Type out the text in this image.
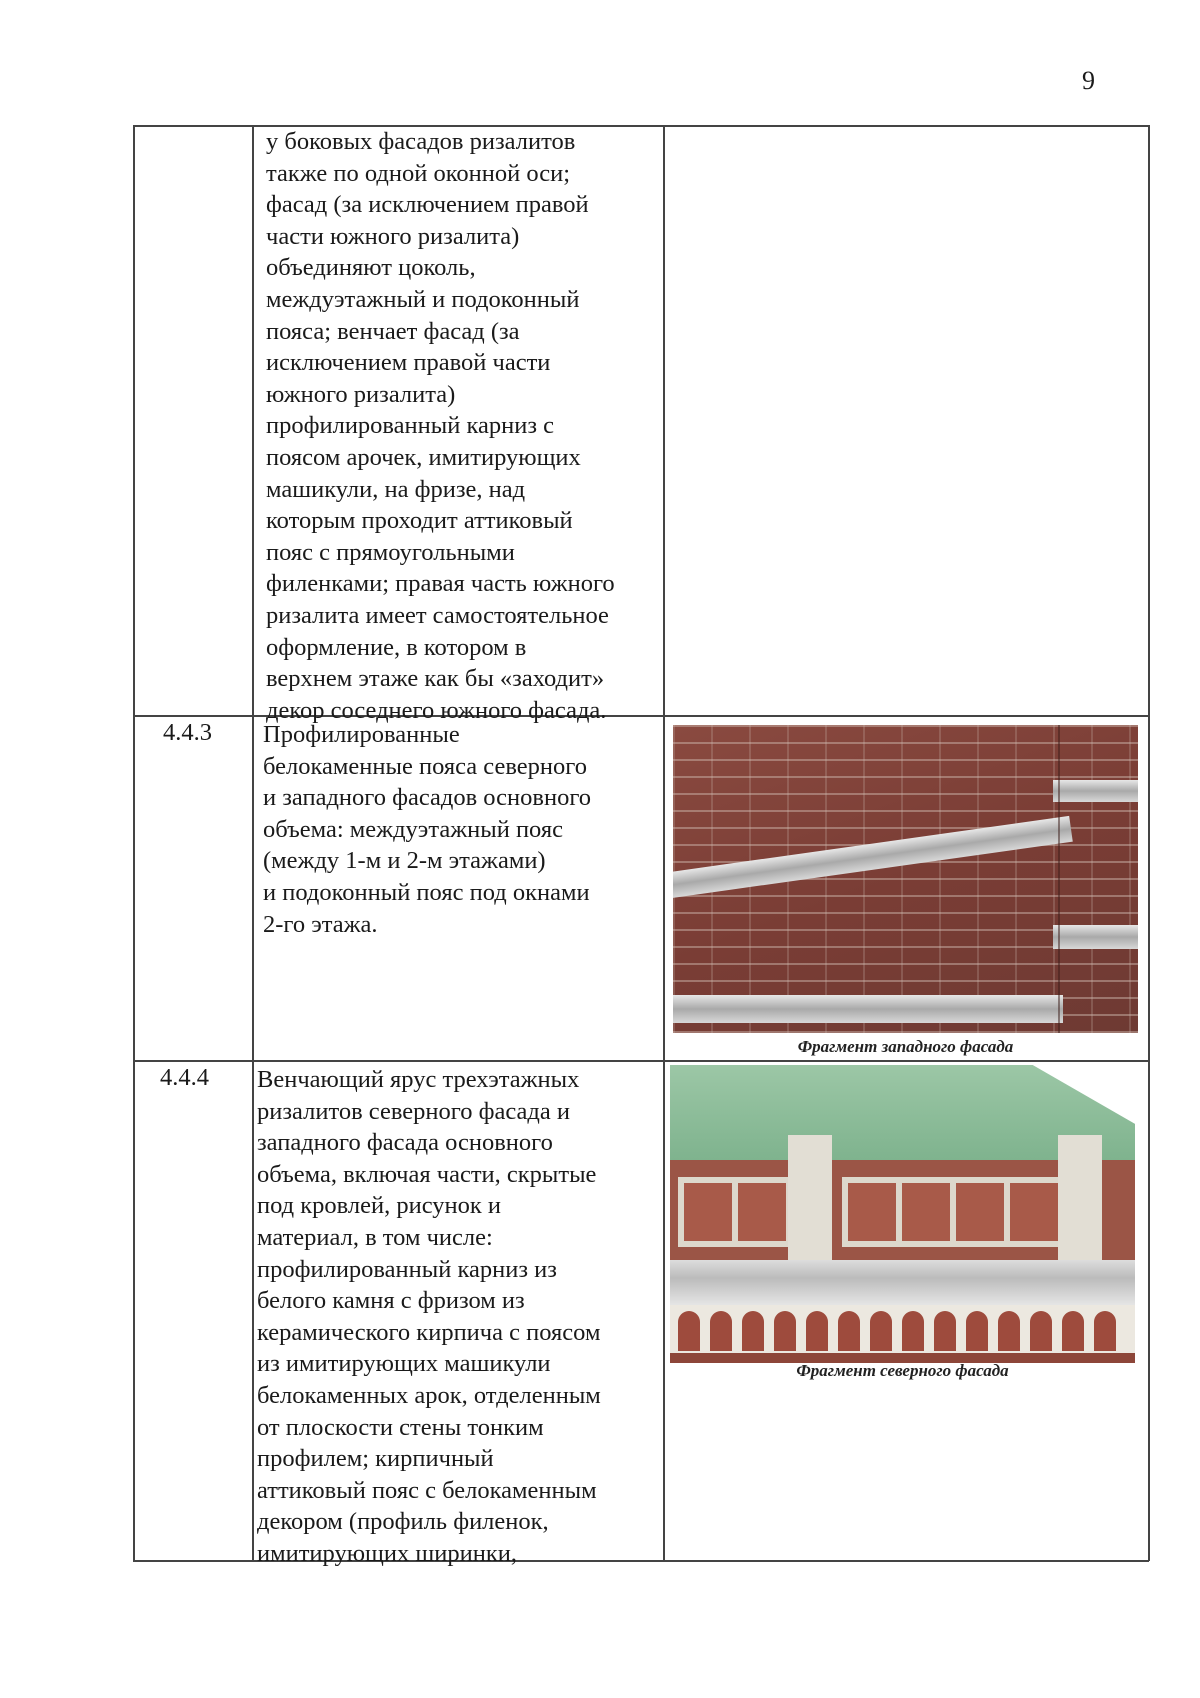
9
у боковых фасадов ризалитов
также по одной оконной оси;
фасад (за исключением правой
части южного ризалита)
объединяют цоколь,
междуэтажный и подоконный
пояса; венчает фасад (за
исключением правой части
южного ризалита)
профилированный карниз с
поясом арочек, имитирующих
машикули, на фризе, над
которым проходит аттиковый
пояс с прямоугольными
филенками; правая часть южного
ризалита имеет самостоятельное
оформление, в котором в
верхнем этаже как бы «заходит»
декор соседнего южного фасада.
4.4.3 Профилированные
белокаменные пояса северного
и западного фасадов основного
объема: междуэтажный пояс
(между 1-м и 2-м этажами)
и подоконный пояс под окнами
2-го этажа.
Фрагмент западного фасада
4.4.4 Венчающий ярус трехэтажных
ризалитов северного фасада и
западного фасада основного
объема, включая части, скрытые
под кровлей, рисунок и
материал, в том числе:
профилированный карниз из
белого камня с фризом из
керамического кирпича с поясом
из имитирующих машикули
белокаменных арок, отделенным
от плоскости стены тонким
профилем; кирпичный
аттиковый пояс с белокаменным
декором (профиль филенок,
имитирующих ширинки,
Фрагмент северного фасада
